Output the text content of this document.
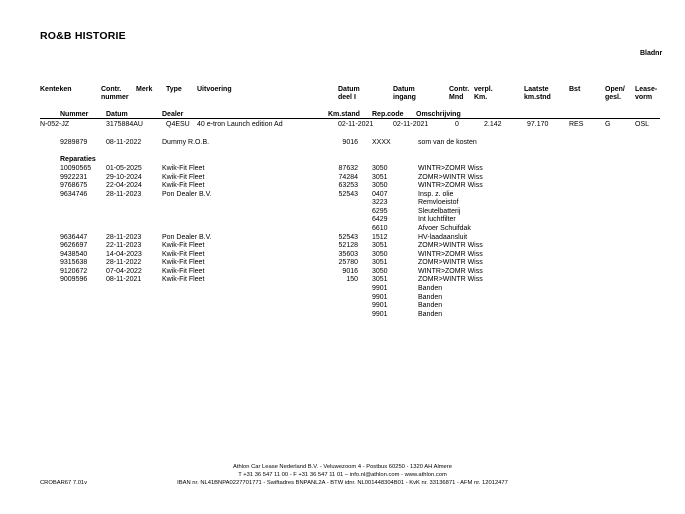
RO&B HISTORIE
Bladnr
Kenteken	Contr.
nummer
Merk Type Uitvoering	Datum
deel I
Datum
ingang
Contr.
Mnd
verpl.
Km.
Laatste
km.stnd
Bst	Open/
gesl.
Lease-
vorm
Nummer	Datum	Dealer	Km.stand Rep.code Omschrijving
N-052-JZ	3175884AU	Q4ESU 40 e-tron Launch edition Ad	02-11-2021	02-11-2021	0	2.142	97.170	RES	G	OSL
9289879	08-11-2022	Dummy R.O.B.	9016 XXXX	som van de kosten
Reparaties
10090565 01-05-2025	Kwik-Fit Fleet	87632 3050	WINTR>ZOMR Wiss
9922231	29-10-2024	Kwik-Fit Fleet	74284 3051	ZOMR>WINTR Wiss
9768675	22-04-2024	Kwik-Fit Fleet	63253 3050	WINTR>ZOMR Wiss
9634746	28-11-2023	Pon Dealer B.V.	52543 0407	Insp. z. olie
3223	Remvloeistof
6295	Sleutelbatterij
6429	Int luchtfilter
6610	Afvoer Schuifdak
9636447	28-11-2023	Pon Dealer B.V.	52543 1512	HV-laadaansluit
9626697	22-11-2023	Kwik-Fit Fleet	52128 3051	ZOMR>WINTR Wiss
9438540	14-04-2023	Kwik-Fit Fleet	35603 3050	WINTR>ZOMR Wiss
9315638	28-11-2022	Kwik-Fit Fleet	25780 3051	ZOMR>WINTR Wiss
9120672	07-04-2022	Kwik-Fit Fleet	9016 3050	WINTR>ZOMR Wiss
9009596	08-11-2021	Kwik-Fit Fleet	150 3051	ZOMR>WINTR Wiss
9901	Banden
9901	Banden
9901	Banden
9901	Banden
Athlon Car Lease Nederland B.V. - Veluwezoom 4 - Postbus 60250 - 1320 AH Almere
T +31 36 547 11 00 - F +31 36 547 11 01 – info.nl@athlon.com - www.athlon.com
IBAN nr. NL41BNPA0227701771 - Swiftadres BNPANL2A - BTW idnr. NL001448304B01 - KvK nr. 33136871 - AFM nr. 12012477
CROBAR67 7.01v
